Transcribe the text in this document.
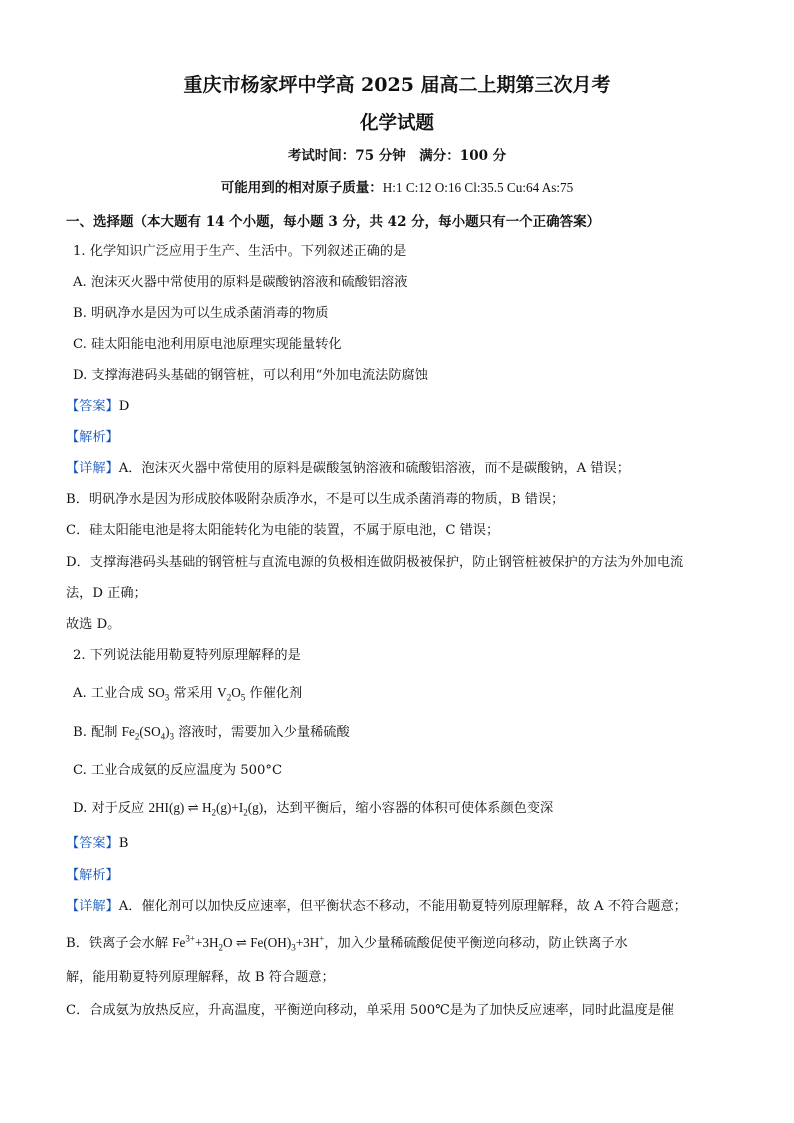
重庆市杨家坪中学高 2025 届高二上期第三次月考
化学试题
考试时间：75 分钟　满分：100 分
可能用到的相对原子质量：H:1 C:12 O:16 Cl:35.5 Cu:64 As:75
一、选择题（本大题有 14 个小题，每小题 3 分，共 42 分，每小题只有一个正确答案）
1. 化学知识广泛应用于生产、生活中。下列叙述正确的是
A. 泡沫灭火器中常使用的原料是碳酸钠溶液和硫酸铝溶液
B. 明矾净水是因为可以生成杀菌消毒的物质
C. 硅太阳能电池利用原电池原理实现能量转化
D. 支撑海港码头基础的钢管桩，可以利用“外加电流法防腐蚀
【答案】D
【解析】
【详解】A．泡沫灭火器中常使用的原料是碳酸氢钠溶液和硫酸铝溶液，而不是碳酸钠，A 错误；
B．明矾净水是因为形成胶体吸附杂质净水，不是可以生成杀菌消毒的物质，B 错误；
C．硅太阳能电池是将太阳能转化为电能的装置，不属于原电池，C 错误；
D．支撑海港码头基础的钢管桩与直流电源的负极相连做阴极被保护，防止钢管桩被保护的方法为外加电流
法，D 正确；
故选 D。
2. 下列说法能用勒夏特列原理解释的是
A. 工业合成 $SO_3$ 常采用 $V_2O_5$ 作催化剂
B. 配制 $Fe_2(SO_4)_3$ 溶液时，需要加入少量稀硫酸
C. 工业合成氨的反应温度为 500°C
D. 对于反应 2HI(g) ⇌ $H_2(g)+I_2(g)$，达到平衡后，缩小容器的体积可使体系颜色变深
【答案】B
【解析】
【详解】A．催化剂可以加快反应速率，但平衡状态不移动，不能用勒夏特列原理解释，故 A 不符合题意；
B．铁离子会水解 $Fe^{3+}+3H_2O$ ⇌ $Fe(OH)_3+3H^+$，加入少量稀硫酸促使平衡逆向移动，防止铁离子水
解，能用勒夏特列原理解释，故 B 符合题意；
C．合成氨为放热反应，升高温度，平衡逆向移动，单采用 500℃是为了加快反应速率，同时此温度是催
